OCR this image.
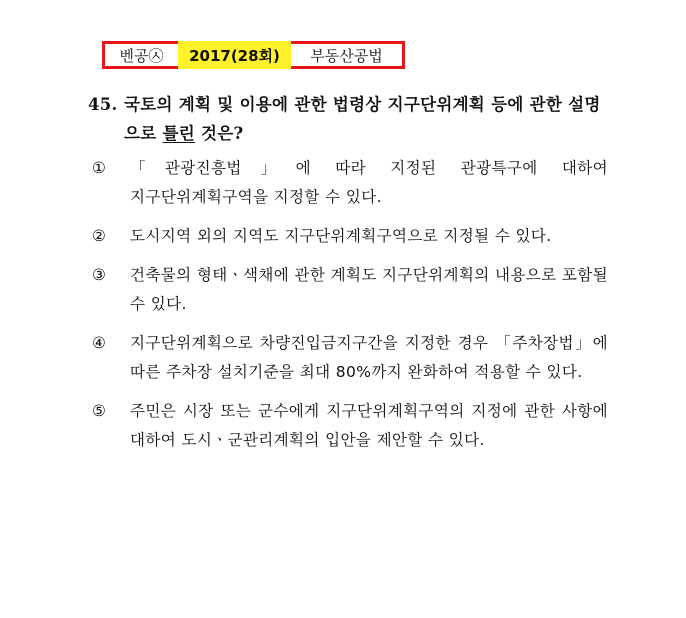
벤공㉦	2017(28회)	부동산공법
45. 국토의 계획 및 이용에 관한 법령상 지구단위계획 등에 관한 설명으로 틀린 것은?
①	「관광진흥법」에 따라 지정된 관광특구에 대하여 지구단위계획구역을 지정할 수 있다.
②	도시지역 외의 지역도 지구단위계획구역으로 지정될 수 있다.
③	건축물의 형태ㆍ색채에 관한 계획도 지구단위계획의 내용으로 포함될 수 있다.
④	지구단위계획으로 차량진입금지구간을 지정한 경우 「주차장법」에 따른 주차장 설치기준을 최대 80%까지 완화하여 적용할 수 있다.
⑤	주민은 시장 또는 군수에게 지구단위계획구역의 지정에 관한 사항에 대하여 도시ㆍ군관리계획의 입안을 제안할 수 있다.
